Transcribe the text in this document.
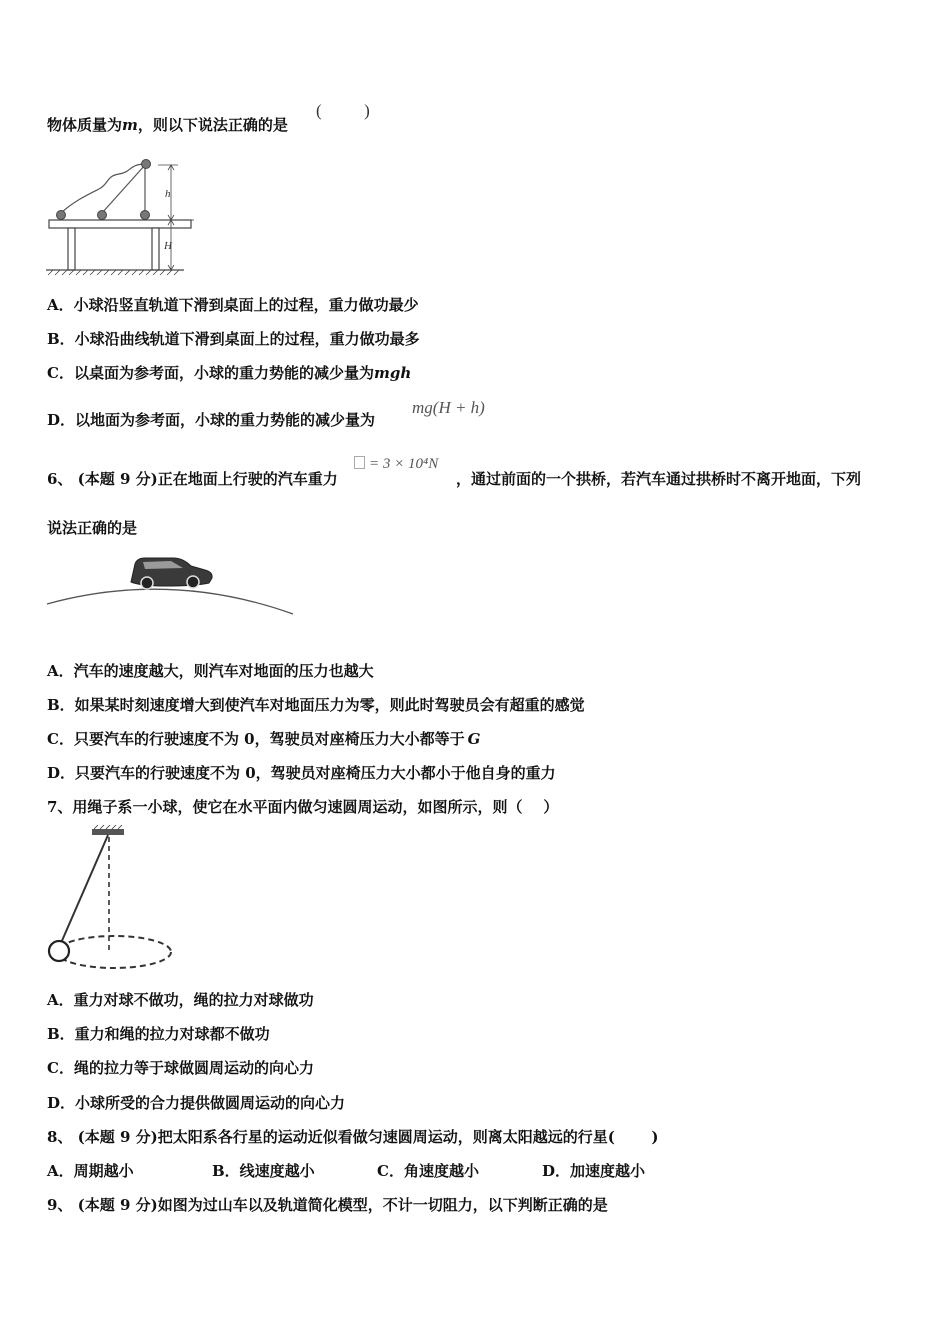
物体质量为m，则以下说法正确的是
(          )
h
H
A．小球沿竖直轨道下滑到桌面上的过程，重力做功最少
B．小球沿曲线轨道下滑到桌面上的过程，重力做功最多
C．以桌面为参考面，小球的重力势能的减少量为mgh
D．以地面为参考面，小球的重力势能的减少量为
mg(H + h)
6、 (本题 9 分)正在地面上行驶的汽车重力
= 3 × 10⁴N
，通过前面的一个拱桥，若汽车通过拱桥时不离开地面，下列
说法正确的是
A．汽车的速度越大，则汽车对地面的压力也越大
B．如果某时刻速度增大到使汽车对地面压力为零，则此时驾驶员会有超重的感觉
C．只要汽车的行驶速度不为 0，驾驶员对座椅压力大小都等于 G
D．只要汽车的行驶速度不为 0，驾驶员对座椅压力大小都小于他自身的重力
7、用绳子系一小球，使它在水平面内做匀速圆周运动，如图所示，则（    ）
A．重力对球不做功，绳的拉力对球做功
B．重力和绳的拉力对球都不做功
C．绳的拉力等于球做圆周运动的向心力
D．小球所受的合力提供做圆周运动的向心力
8、 (本题 9 分)把太阳系各行星的运动近似看做匀速圆周运动，则离太阳越远的行星(       )
A．周期越小	B．线速度越小	C．角速度越小	D．加速度越小
9、 (本题 9 分)如图为过山车以及轨道简化模型，不计一切阻力，以下判断正确的是
